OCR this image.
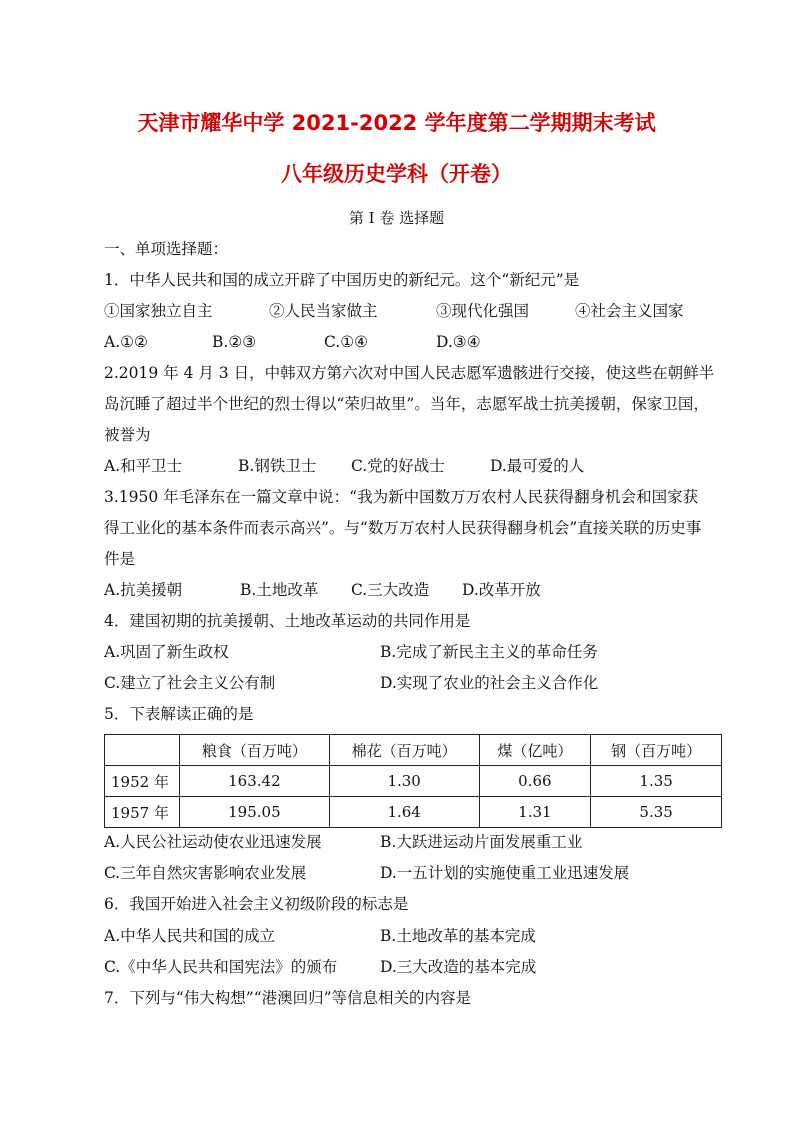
天津市耀华中学 2021-2022 学年度第二学期期末考试
八年级历史学科（开卷）
第 I 卷 选择题
一、单项选择题：
1．中华人民共和国的成立开辟了中国历史的新纪元。这个“新纪元”是
①国家独立自主	②人民当家做主	③现代化强国	④社会主义国家
A.①②	B.②③	C.①④	D.③④
2.2019 年 4 月 3 日，中韩双方第六次对中国人民志愿军遗骸进行交接，使这些在朝鲜半
岛沉睡了超过半个世纪的烈士得以“荣归故里”。当年，志愿军战士抗美援朝，保家卫国，
被誉为
A.和平卫士	B.钢铁卫士 C.党的好战士	D.最可爱的人
3.1950 年毛泽东在一篇文章中说：“我为新中国数万万农村人民获得翻身机会和国家获
得工业化的基本条件而表示高兴”。与“数万万农村人民获得翻身机会”直接关联的历史事
件是
A.抗美援朝	B.土地改革 C.三大改造 D.改革开放
4．建国初期的抗美援朝、土地改革运动的共同作用是
A.巩固了新生政权	B.完成了新民主主义的革命任务
C.建立了社会主义公有制	D.实现了农业的社会主义合作化
5．下表解读正确的是
	粮食（百万吨）	棉花（百万吨）	煤（亿吨）	钢（百万吨）
1952 年	163.42	1.30	0.66	1.35
1957 年	195.05	1.64	1.31	5.35
A.人民公社运动使农业迅速发展	B.大跃进运动片面发展重工业
C.三年自然灾害影响农业发展	D.一五计划的实施使重工业迅速发展
6．我国开始进入社会主义初级阶段的标志是
A.中华人民共和国的成立	B.土地改革的基本完成
C.《中华人民共和国宪法》的颁布	D.三大改造的基本完成
7．下列与“伟大构想”“港澳回归”等信息相关的内容是
